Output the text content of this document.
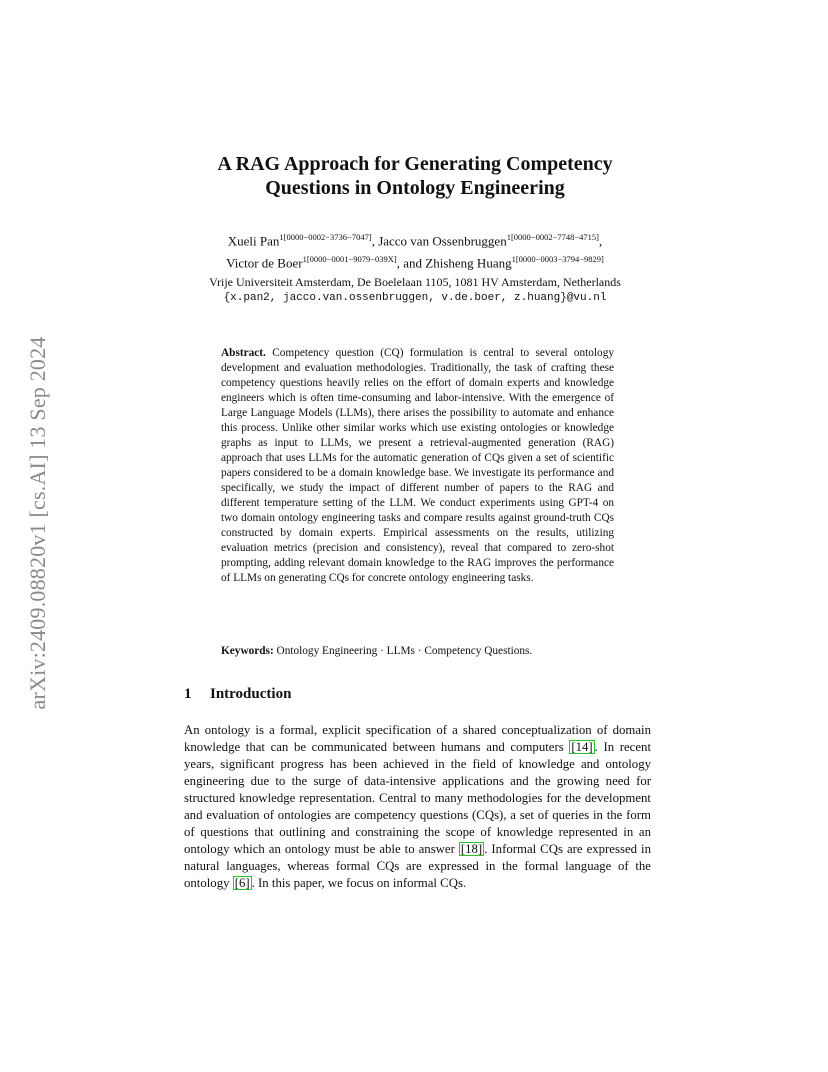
arXiv:2409.08820v1 [cs.AI] 13 Sep 2024
A RAG Approach for Generating Competency
Questions in Ontology Engineering
Xueli Pan$^{1[0000-0002-3736-7047]}$, Jacco van Ossenbruggen$^{1[0000-0002-7748-4715]}$,
Victor de Boer$^{1[0000-0001-9079-039X]}$, and Zhisheng Huang$^{1[0000-0003-3794-9829]}$
Vrije Universiteit Amsterdam, De Boelelaan 1105, 1081 HV Amsterdam, Netherlands
{x.pan2, jacco.van.ossenbruggen, v.de.boer, z.huang}@vu.nl
Abstract. Competency question (CQ) formulation is central to several ontology development and evaluation methodologies. Traditionally, the task of crafting these competency questions heavily relies on the effort of domain experts and knowledge engineers which is often time-consuming and labor-intensive. With the emergence of Large Language Models (LLMs), there arises the possibility to automate and enhance this process. Unlike other similar works which use existing ontologies or knowledge graphs as input to LLMs, we present a retrieval-augmented generation (RAG) approach that uses LLMs for the automatic generation of CQs given a set of scientific papers considered to be a domain knowledge base. We investigate its performance and specifically, we study the impact of different number of papers to the RAG and different temperature setting of the LLM. We conduct experiments using GPT-4 on two domain ontology engineering tasks and compare results against ground-truth CQs constructed by domain experts. Empirical assessments on the results, utilizing evaluation metrics (precision and consistency), reveal that compared to zero-shot prompting, adding relevant domain knowledge to the RAG improves the performance of LLMs on generating CQs for concrete ontology engineering tasks.
Keywords: Ontology Engineering · LLMs · Competency Questions.
1 Introduction
An ontology is a formal, explicit specification of a shared conceptualization of domain knowledge that can be communicated between humans and computers [14] . In recent years, significant progress has been achieved in the field of knowledge and ontology engineering due to the surge of data-intensive applications and the growing need for structured knowledge representation. Central to many methodologies for the development and evaluation of ontologies are competency questions (CQs), a set of queries in the form of questions that outlining and constraining the scope of knowledge represented in an ontology which an ontology must be able to answer [18] . Informal CQs are expressed in natural languages, whereas formal CQs are expressed in the formal language of the ontology [6] . In this paper, we focus on informal CQs.
